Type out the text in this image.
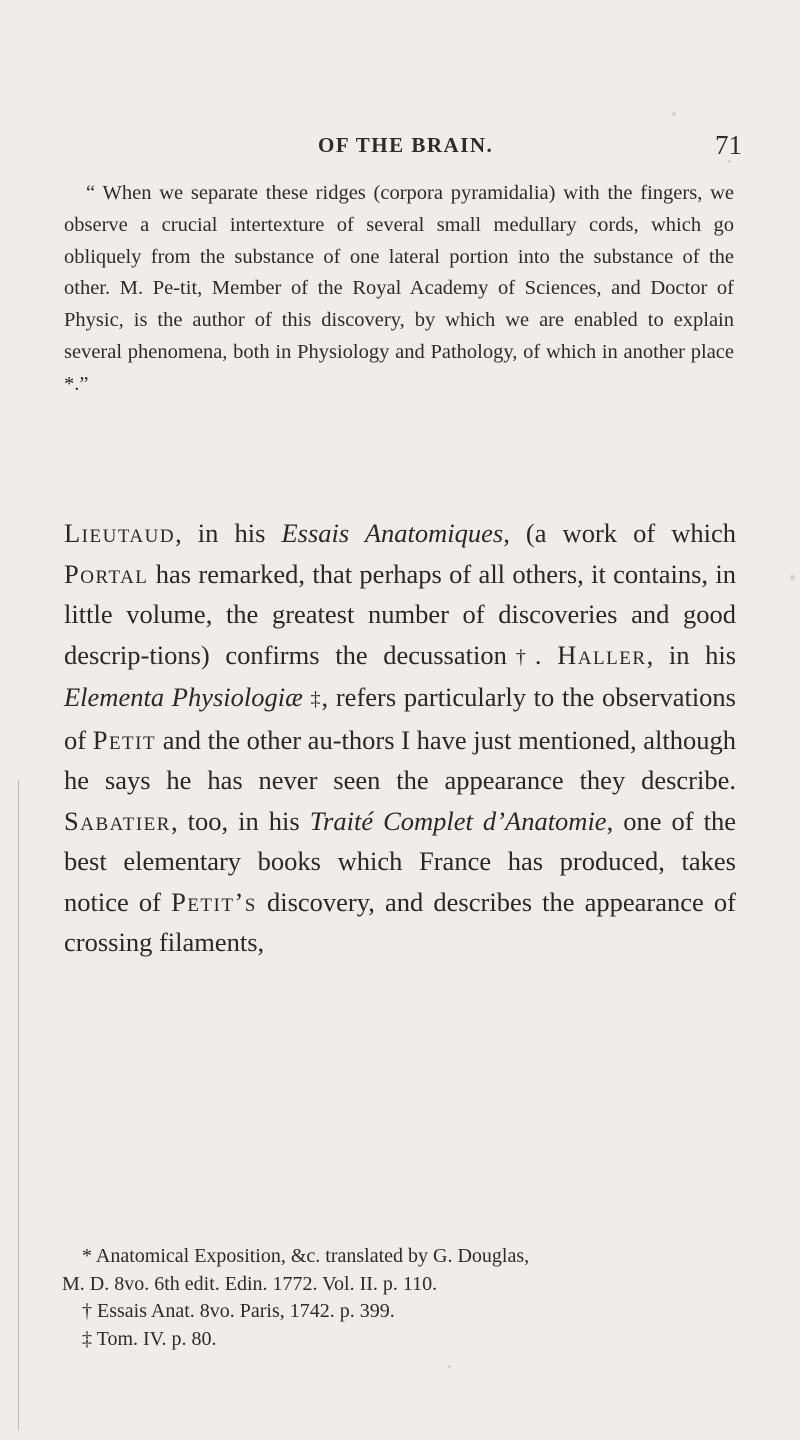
OF THE BRAIN.	71

“ When we separate these ridges (corpora pyramidalia) with the fingers, we observe a crucial intertexture of several small medullary cords, which go obliquely from the substance of one lateral portion into the substance of the other. M. Pe-tit, Member of the Royal Academy of Sciences, and Doctor of Physic, is the author of this discovery, by which we are enabled to explain several phenomena, both in Physiology and Pathology, of which in another place *.”

Lieutaud, in his Essais Anatomiques, (a work of which Portal has remarked, that perhaps of all others, it contains, in little volume, the greatest number of discoveries and good descrip-tions) confirms the decussation†. Haller, in his Elementa Physiologiæ ‡, refers particularly to the observations of Petit and the other au-thors I have just mentioned, although he says he has never seen the appearance they describe. Sabatier, too, in his Traité Complet d’Anatomie, one of the best elementary books which France has produced, takes notice of Petit’s discovery, and describes the appearance of crossing filaments,

* Anatomical Exposition, &c. translated by G. Douglas,

M. D. 8vo. 6th edit. Edin. 1772. Vol. II. p. 110.

† Essais Anat. 8vo. Paris, 1742. p. 399.

‡ Tom. IV. p. 80.
